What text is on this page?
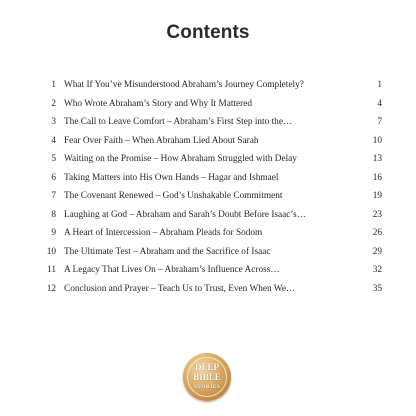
Contents
1 What If You’ve Misunderstood Abraham’s Journey Completely?	1
2 Who Wrote Abraham’s Story and Why It Mattered	4
3 The Call to Leave Comfort – Abraham’s First Step into the…	7
4 Fear Over Faith – When Abraham Lied About Sarah	10
5 Waiting on the Promise – How Abraham Struggled with Delay	13
6 Taking Matters into His Own Hands – Hagar and Ishmael	16
7 The Covenant Renewed – God’s Unshakable Commitment	19
8 Laughing at God – Abraham and Sarah’s Doubt Before Isaac’s…	23
9 A Heart of Intercession – Abraham Pleads for Sodom	26
10 The Ultimate Test – Abraham and the Sacrifice of Isaac	29
11 A Legacy That Lives On – Abraham’s Influence Across…	32
12 Conclusion and Prayer – Teach Us to Trust, Even When We…	35
DEEP
BIBLE
STORIES
